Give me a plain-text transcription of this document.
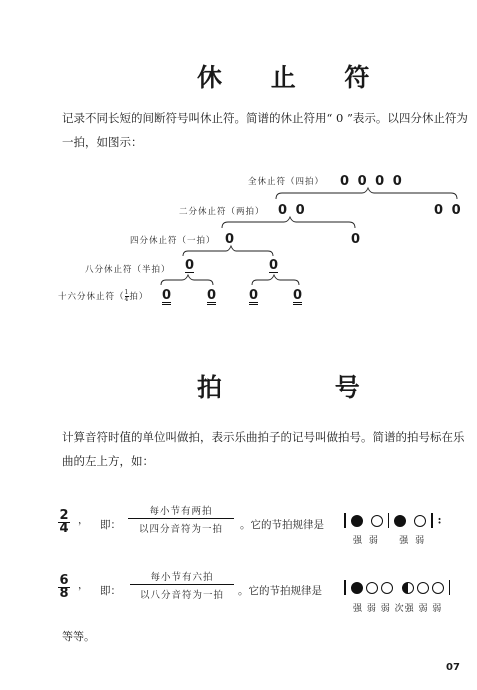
休 止 符
记录不同长短的间断符号叫休止符。简谱的休止符用“ 0 ”表示。以四分休止符为一拍，如图示：
全休止符（四拍） 0 0 0 0
二分休止符（两拍） 0 0	0 0
四分休止符（一拍） 0	0
八分休止符（半拍） 0	0
十六分休止符（ $\frac{1}{4}$拍） 0	0	0	0
拍 号
计算音符时值的单位叫做拍，表示乐曲拍子的记号叫做拍号。简谱的拍号标在乐曲的左上方，如：
$\frac{2}{4}$ ， 即：
每小节有两拍
以四分音符为一拍	。它的节拍规律是	:
强 弱    强 弱
$\frac{6}{8}$ ， 即：
每小节有六拍
以八分音符为一拍	。它的节拍规律是
强 弱 弱 次强 弱 弱
等等。
07
